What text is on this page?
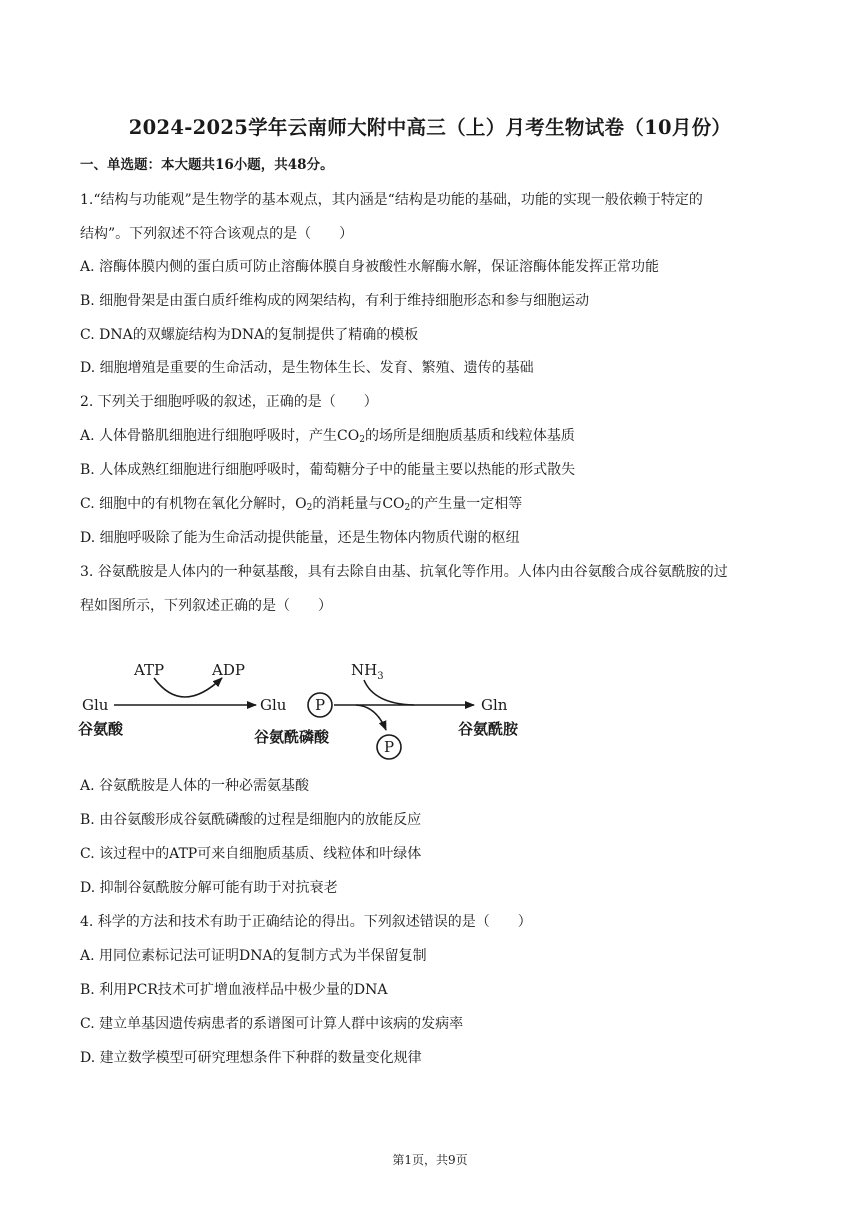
2024-2025学年云南师大附中高三（上）月考生物试卷（10月份）
一、单选题：本大题共16小题，共48分。
1.“结构与功能观”是生物学的基本观点，其内涵是“结构是功能的基础，功能的实现一般依赖于特定的
结构”。下列叙述不符合该观点的是（　　）
A. 溶酶体膜内侧的蛋白质可防止溶酶体膜自身被酸性水解酶水解，保证溶酶体能发挥正常功能
B. 细胞骨架是由蛋白质纤维构成的网架结构，有利于维持细胞形态和参与细胞运动
C. DNA的双螺旋结构为DNA的复制提供了精确的模板
D. 细胞增殖是重要的生命活动，是生物体生长、发育、繁殖、遗传的基础
2. 下列关于细胞呼吸的叙述，正确的是（　　）
A. 人体骨骼肌细胞进行细胞呼吸时，产生$CO_2$的场所是细胞质基质和线粒体基质
B. 人体成熟红细胞进行细胞呼吸时，葡萄糖分子中的能量主要以热能的形式散失
C. 细胞中的有机物在氧化分解时，$O_2$的消耗量与$CO_2$的产生量一定相等
D. 细胞呼吸除了能为生命活动提供能量，还是生物体内物质代谢的枢纽
3. 谷氨酰胺是人体内的一种氨基酸，具有去除自由基、抗氧化等作用。人体内由谷氨酸合成谷氨酰胺的过
程如图所示，下列叙述正确的是（　　）
ATP	ADP	$NH_3$
Glu
谷氨酸
Glu P
谷氨酰磷酸
P
Gln
谷氨酰胺
A. 谷氨酰胺是人体的一种必需氨基酸
B. 由谷氨酸形成谷氨酰磷酸的过程是细胞内的放能反应
C. 该过程中的ATP可来自细胞质基质、线粒体和叶绿体
D. 抑制谷氨酰胺分解可能有助于对抗衰老
4. 科学的方法和技术有助于正确结论的得出。下列叙述错误的是（　　）
A. 用同位素标记法可证明DNA的复制方式为半保留复制
B. 利用PCR技术可扩增血液样品中极少量的DNA
C. 建立单基因遗传病患者的系谱图可计算人群中该病的发病率
D. 建立数学模型可研究理想条件下种群的数量变化规律
第1页，共9页
